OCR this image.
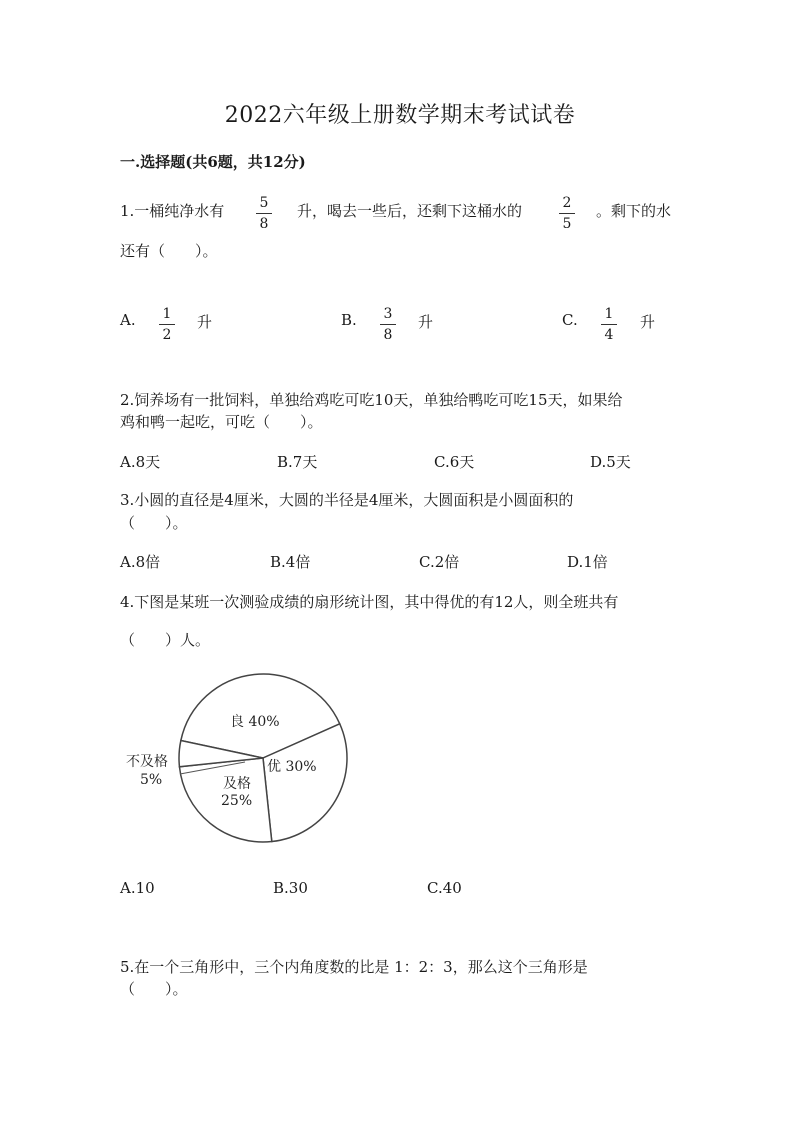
2022六年级上册数学期末考试试卷
一.选择题(共6题，共12分)
1.一桶纯净水有	5
8
升，喝去一些后，还剩下这桶水的	2
5
。剩下的水
还有（　　）。
A.	1
2
升	B.	3
8
升	C.	1
4
升
2.饲养场有一批饲料，单独给鸡吃可吃10天，单独给鸭吃可吃15天，如果给
鸡和鸭一起吃，可吃（　　）。
A.8天	B.7天	C.6天	D.5天
3.小圆的直径是4厘米，大圆的半径是4厘米，大圆面积是小圆面积的
（　　）。
A.8倍	B.4倍	C.2倍	D.1倍
4.下图是某班一次测验成绩的扇形统计图，其中得优的有12人，则全班共有
（　　）人。
良 40%
优 30%
及格
25%
不及格
5%
A.10	B.30	C.40
5.在一个三角形中，三个内角度数的比是 1：2：3，那么这个三角形是
（　　）。
